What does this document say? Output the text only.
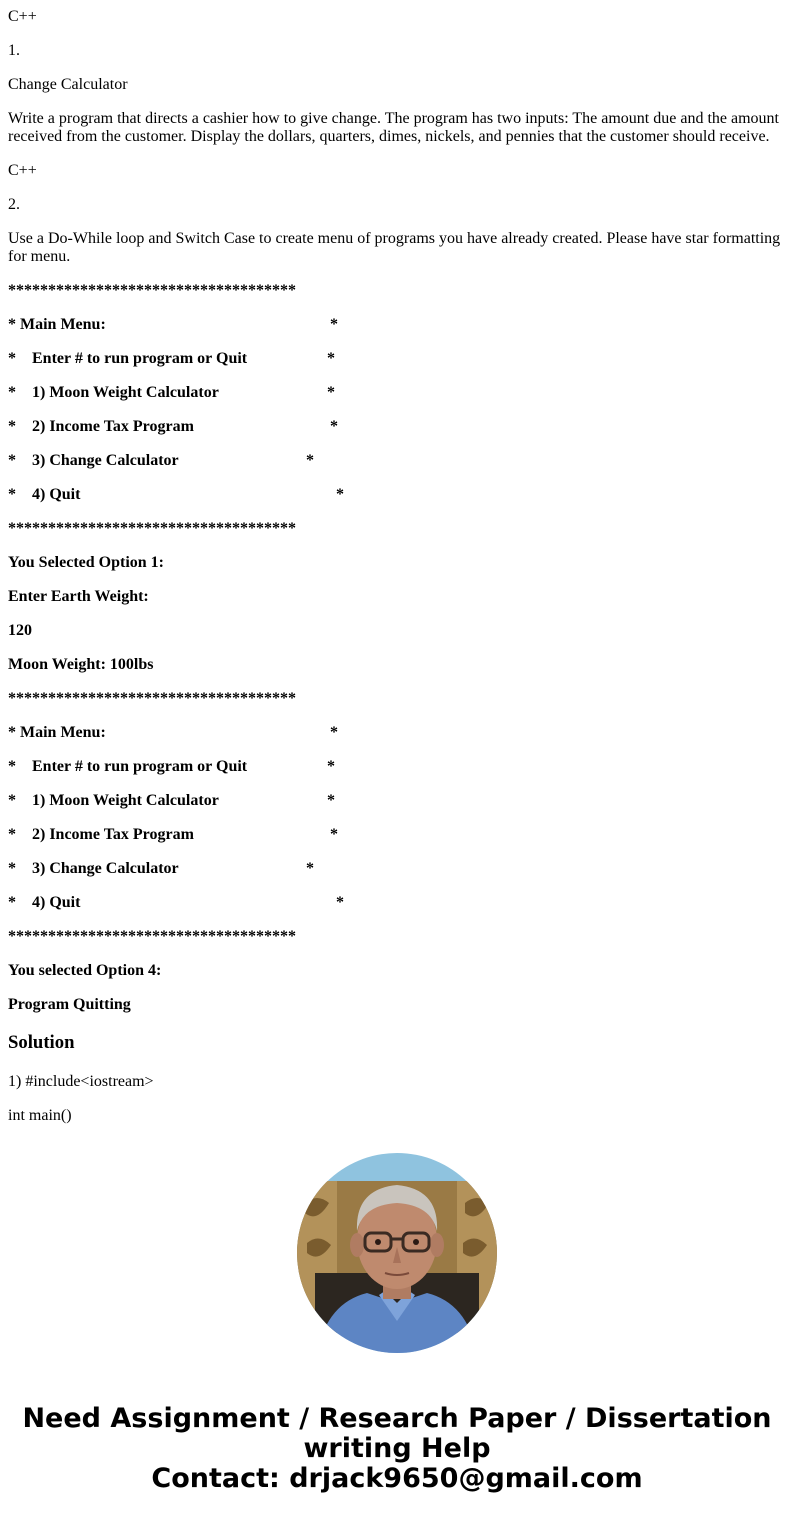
C++

1.

Change Calculator

Write a program that directs a cashier how to give change. The program has two inputs: The amount due and the amount received from the customer. Display the dollars, quarters, dimes, nickels, and pennies that the customer should receive.

C++

2.

Use a Do-While loop and Switch Case to create menu of programs you have already created. Please have star formatting for menu.

************************************

* Main Menu:

	*

*

Enter # to run program or Quit

	*

*

1) Moon Weight Calculator

	*

*

2) Income Tax Program

	*

*

3) Change Calculator

	*

*

4) Quit

	*

************************************

You Selected Option 1:

Enter Earth Weight:

120

Moon Weight: 100lbs

************************************

* Main Menu:

	*

*

Enter # to run program or Quit

	*

*

1) Moon Weight Calculator

	*

*

2) Income Tax Program

	*

*

3) Change Calculator

	*

*

4) Quit

	*

************************************

You selected Option 4:

Program Quitting

Solution

1) #include<iostream>

int main()

Need Assignment / Research Paper / Dissertation
writing Help
Contact: drjack9650@gmail.com
